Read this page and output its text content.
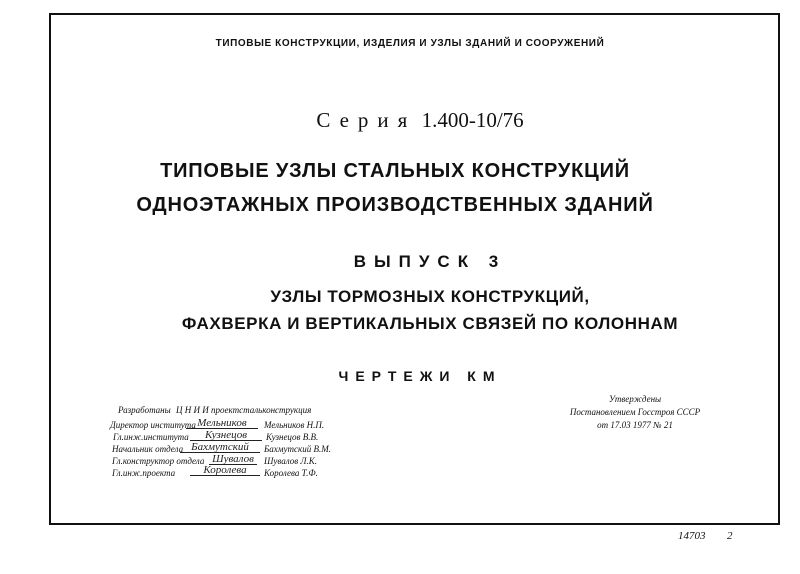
ТИПОВЫЕ КОНСТРУКЦИИ, ИЗДЕЛИЯ И УЗЛЫ ЗДАНИЙ И СООРУЖЕНИЙ
Серия 1.400-10/76
ТИПОВЫЕ УЗЛЫ СТАЛЬНЫХ КОНСТРУКЦИЙ
ОДНОЭТАЖНЫХ ПРОИЗВОДСТВЕННЫХ ЗДАНИЙ
ВЫПУСК 3
УЗЛЫ ТОРМОЗНЫХ КОНСТРУКЦИЙ,
ФАХВЕРКА И ВЕРТИКАЛЬНЫХ СВЯЗЕЙ ПО КОЛОННАМ
ЧЕРТЕЖИ КМ
Разработаны Ц Н И И проектстальконструкция
Директор института Мельников	Мельников Н.П.
Гл.инж.института	Кузнецов	Кузнецов В.В.
Начальник отдела Бахмутский	Бахмутский В.М.
Гл.конструктор отдела Шувалов	Шувалов Л.К.
Гл.инж.проекта	Королева	Королева Т.Ф.
Утверждены
Постановлением Госстроя СССР
от 17.03 1977 № 21
14703 2
